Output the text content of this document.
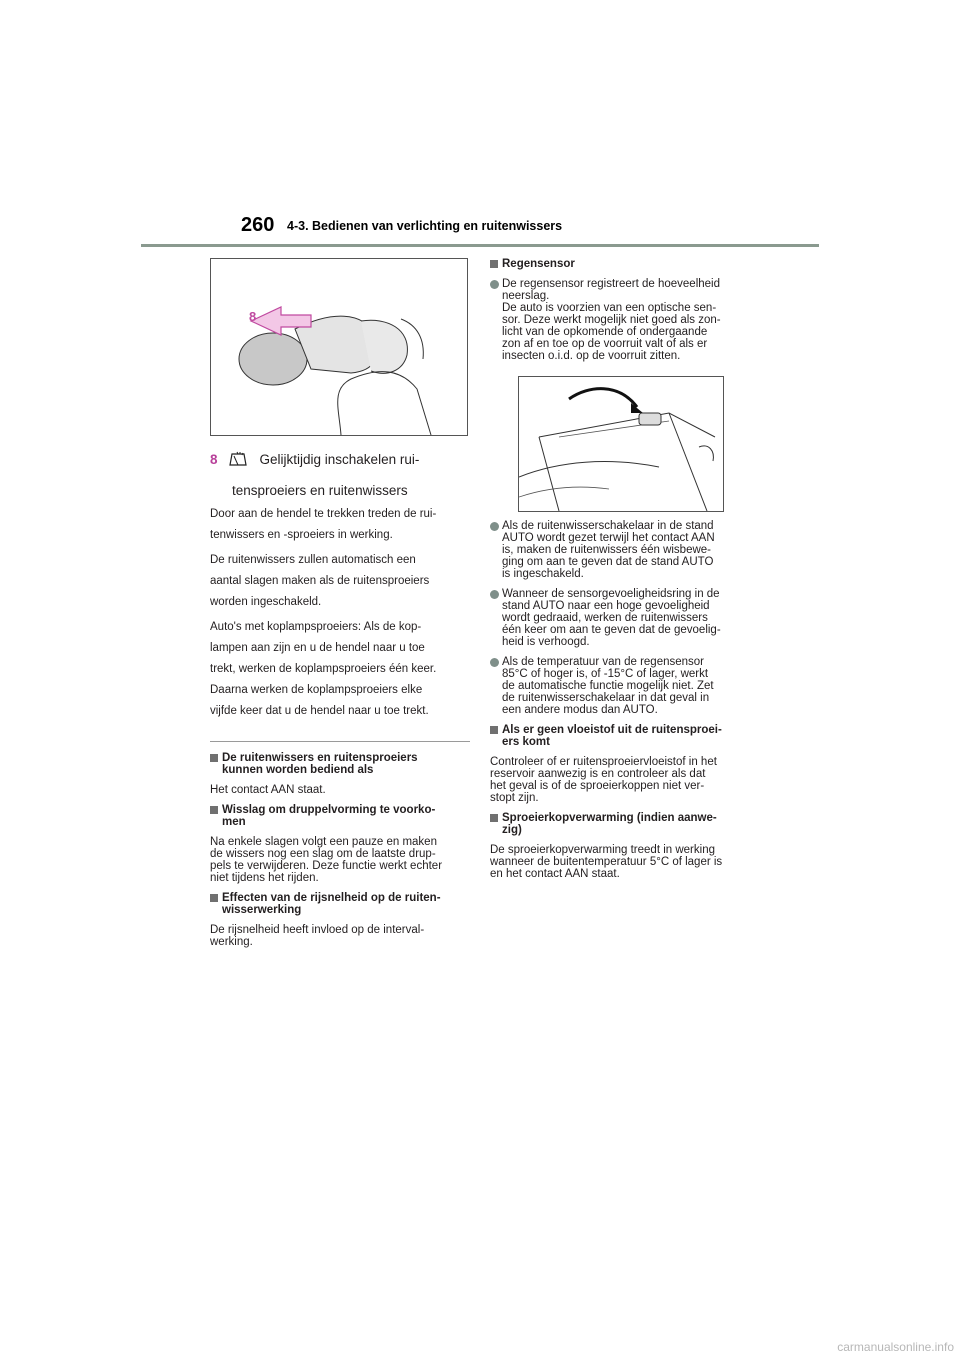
260 4-3. Bedienen van verlichting en ruitenwissers
8
8	Gelijktijdig inschakelen rui-
tensproeiers en ruitenwissers

Door aan de hendel te trekken treden de rui-
tenwissers en -sproeiers in werking.

De ruitenwissers zullen automatisch een
aantal slagen maken als de ruitensproeiers
worden ingeschakeld.

Auto's met koplampsproeiers: Als de kop-
lampen aan zijn en u de hendel naar u toe
trekt, werken de koplampsproeiers één keer.
Daarna werken de koplampsproeiers elke
vijfde keer dat u de hendel naar u toe trekt.

De ruitenwissers en ruitensproeiers
kunnen worden bediend als
Het contact AAN staat.
Wisslag om druppelvorming te voorko-
men
Na enkele slagen volgt een pauze en maken
de wissers nog een slag om de laatste drup-
pels te verwijderen. Deze functie werkt echter
niet tijdens het rijden.
Effecten van de rijsnelheid op de ruiten-
wisserwerking
De rijsnelheid heeft invloed op de interval-
werking.
Regensensor
De regensensor registreert de hoeveelheid
neerslag.
De auto is voorzien van een optische sen-
sor. Deze werkt mogelijk niet goed als zon-
licht van de opkomende of ondergaande
zon af en toe op de voorruit valt of als er
insecten o.i.d. op de voorruit zitten.
Als de ruitenwisserschakelaar in de stand
AUTO wordt gezet terwijl het contact AAN
is, maken de ruitenwissers één wisbewe-
ging om aan te geven dat de stand AUTO
is ingeschakeld.
Wanneer de sensorgevoeligheidsring in de
stand AUTO naar een hoge gevoeligheid
wordt gedraaid, werken de ruitenwissers
één keer om aan te geven dat de gevoelig-
heid is verhoogd.
Als de temperatuur van de regensensor
85°C of hoger is, of -15°C of lager, werkt
de automatische functie mogelijk niet. Zet
de ruitenwisserschakelaar in dat geval in
een andere modus dan AUTO.
Als er geen vloeistof uit de ruitensproei-
ers komt
Controleer of er ruitensproeiervloeistof in het
reservoir aanwezig is en controleer als dat
het geval is of de sproeierkoppen niet ver-
stopt zijn.
Sproeierkopverwarming (indien aanwe-
zig)
De sproeierkopverwarming treedt in werking
wanneer de buitentemperatuur 5°C of lager is
en het contact AAN staat.
carmanualsonline.info
